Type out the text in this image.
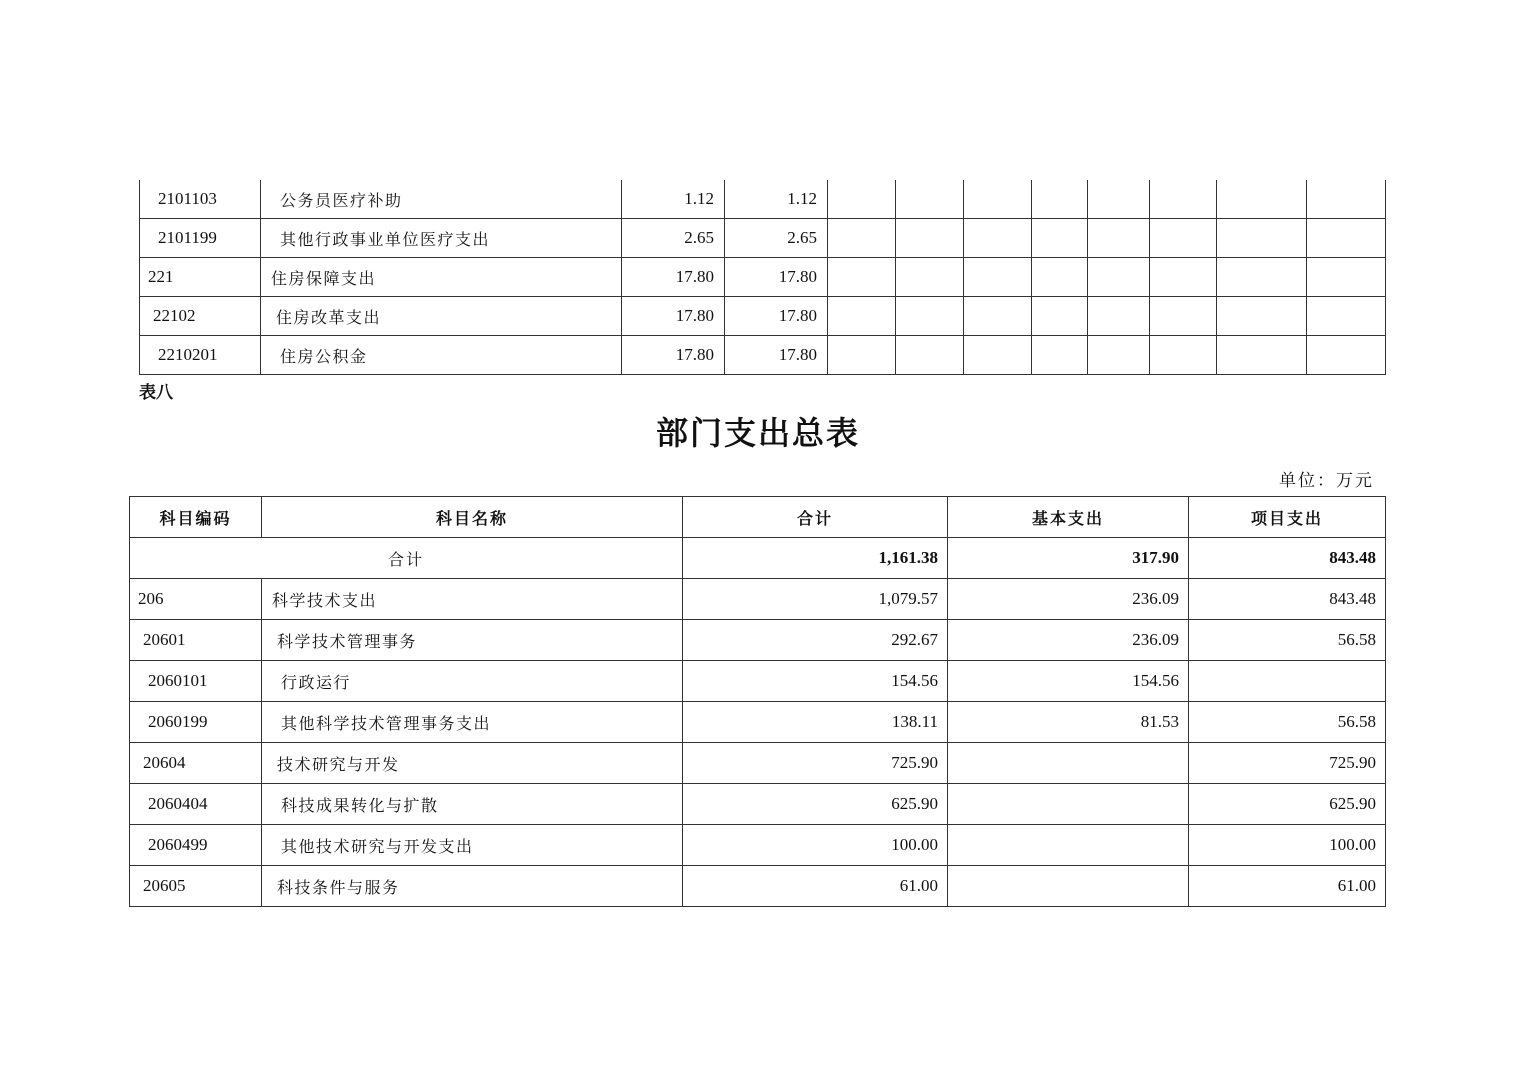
2101103	公务员医疗补助	1.12	1.12								
2101199	其他行政事业单位医疗支出	2.65	2.65								
221	住房保障支出	17.80	17.80								
22102	住房改革支出	17.80	17.80								
2210201	住房公积金	17.80	17.80								
表八
部门支出总表
单位：万元
科目编码	科目名称	合计	基本支出	项目支出
合计		1,161.38	317.90	843.48
206	科学技术支出	1,079.57	236.09	843.48
20601	科学技术管理事务	292.67	236.09	56.58
2060101	行政运行	154.56	154.56	
2060199	其他科学技术管理事务支出	138.11	81.53	56.58
20604	技术研究与开发	725.90		725.90
2060404	科技成果转化与扩散	625.90		625.90
2060499	其他技术研究与开发支出	100.00		100.00
20605	科技条件与服务	61.00		61.00
